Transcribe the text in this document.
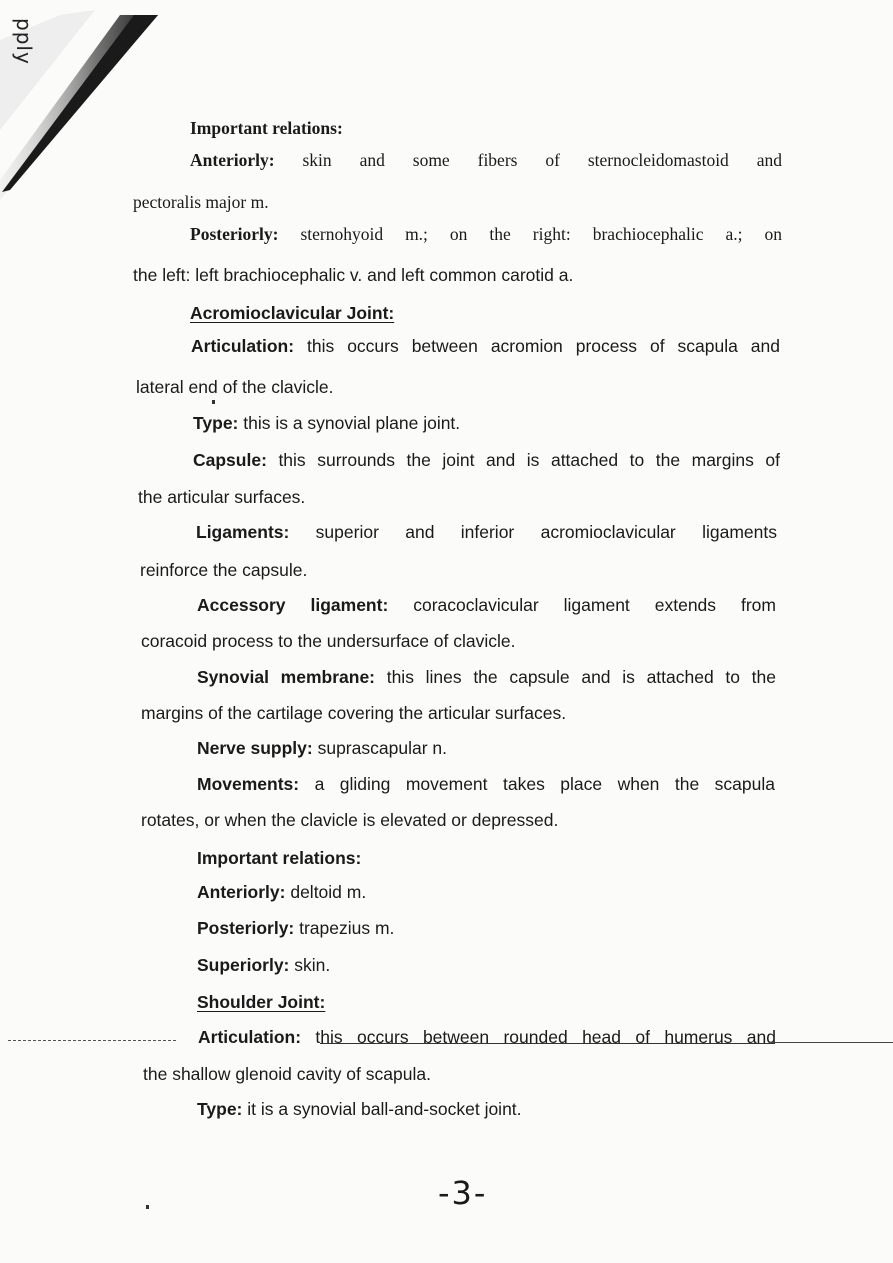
pply
Important relations:
Anteriorly: skin and some fibers of sternocleidomastoid and
pectoralis major m.
Posteriorly: sternohyoid m.; on the right: brachiocephalic a.; on
the left: left brachiocephalic v. and left common carotid a.
Acromioclavicular Joint:
Articulation: this occurs between acromion process of scapula and
lateral end of the clavicle.
Type: this is a synovial plane joint.
Capsule: this surrounds the joint and is attached to the margins of
the articular surfaces.
Ligaments: superior and inferior acromioclavicular ligaments
reinforce the capsule.
Accessory ligament: coracoclavicular ligament extends from
coracoid process to the undersurface of clavicle.
Synovial membrane: this lines the capsule and is attached to the
margins of the cartilage covering the articular surfaces.
Nerve supply: suprascapular n.
Movements: a gliding movement takes place when the scapula
rotates, or when the clavicle is elevated or depressed.
Important relations:
Anteriorly: deltoid m.
Posteriorly: trapezius m.
Superiorly: skin.
Shoulder Joint:
Articulation: this occurs between rounded head of humerus and
the shallow glenoid cavity of scapula.
Type: it is a synovial ball-and-socket joint.
-3-
